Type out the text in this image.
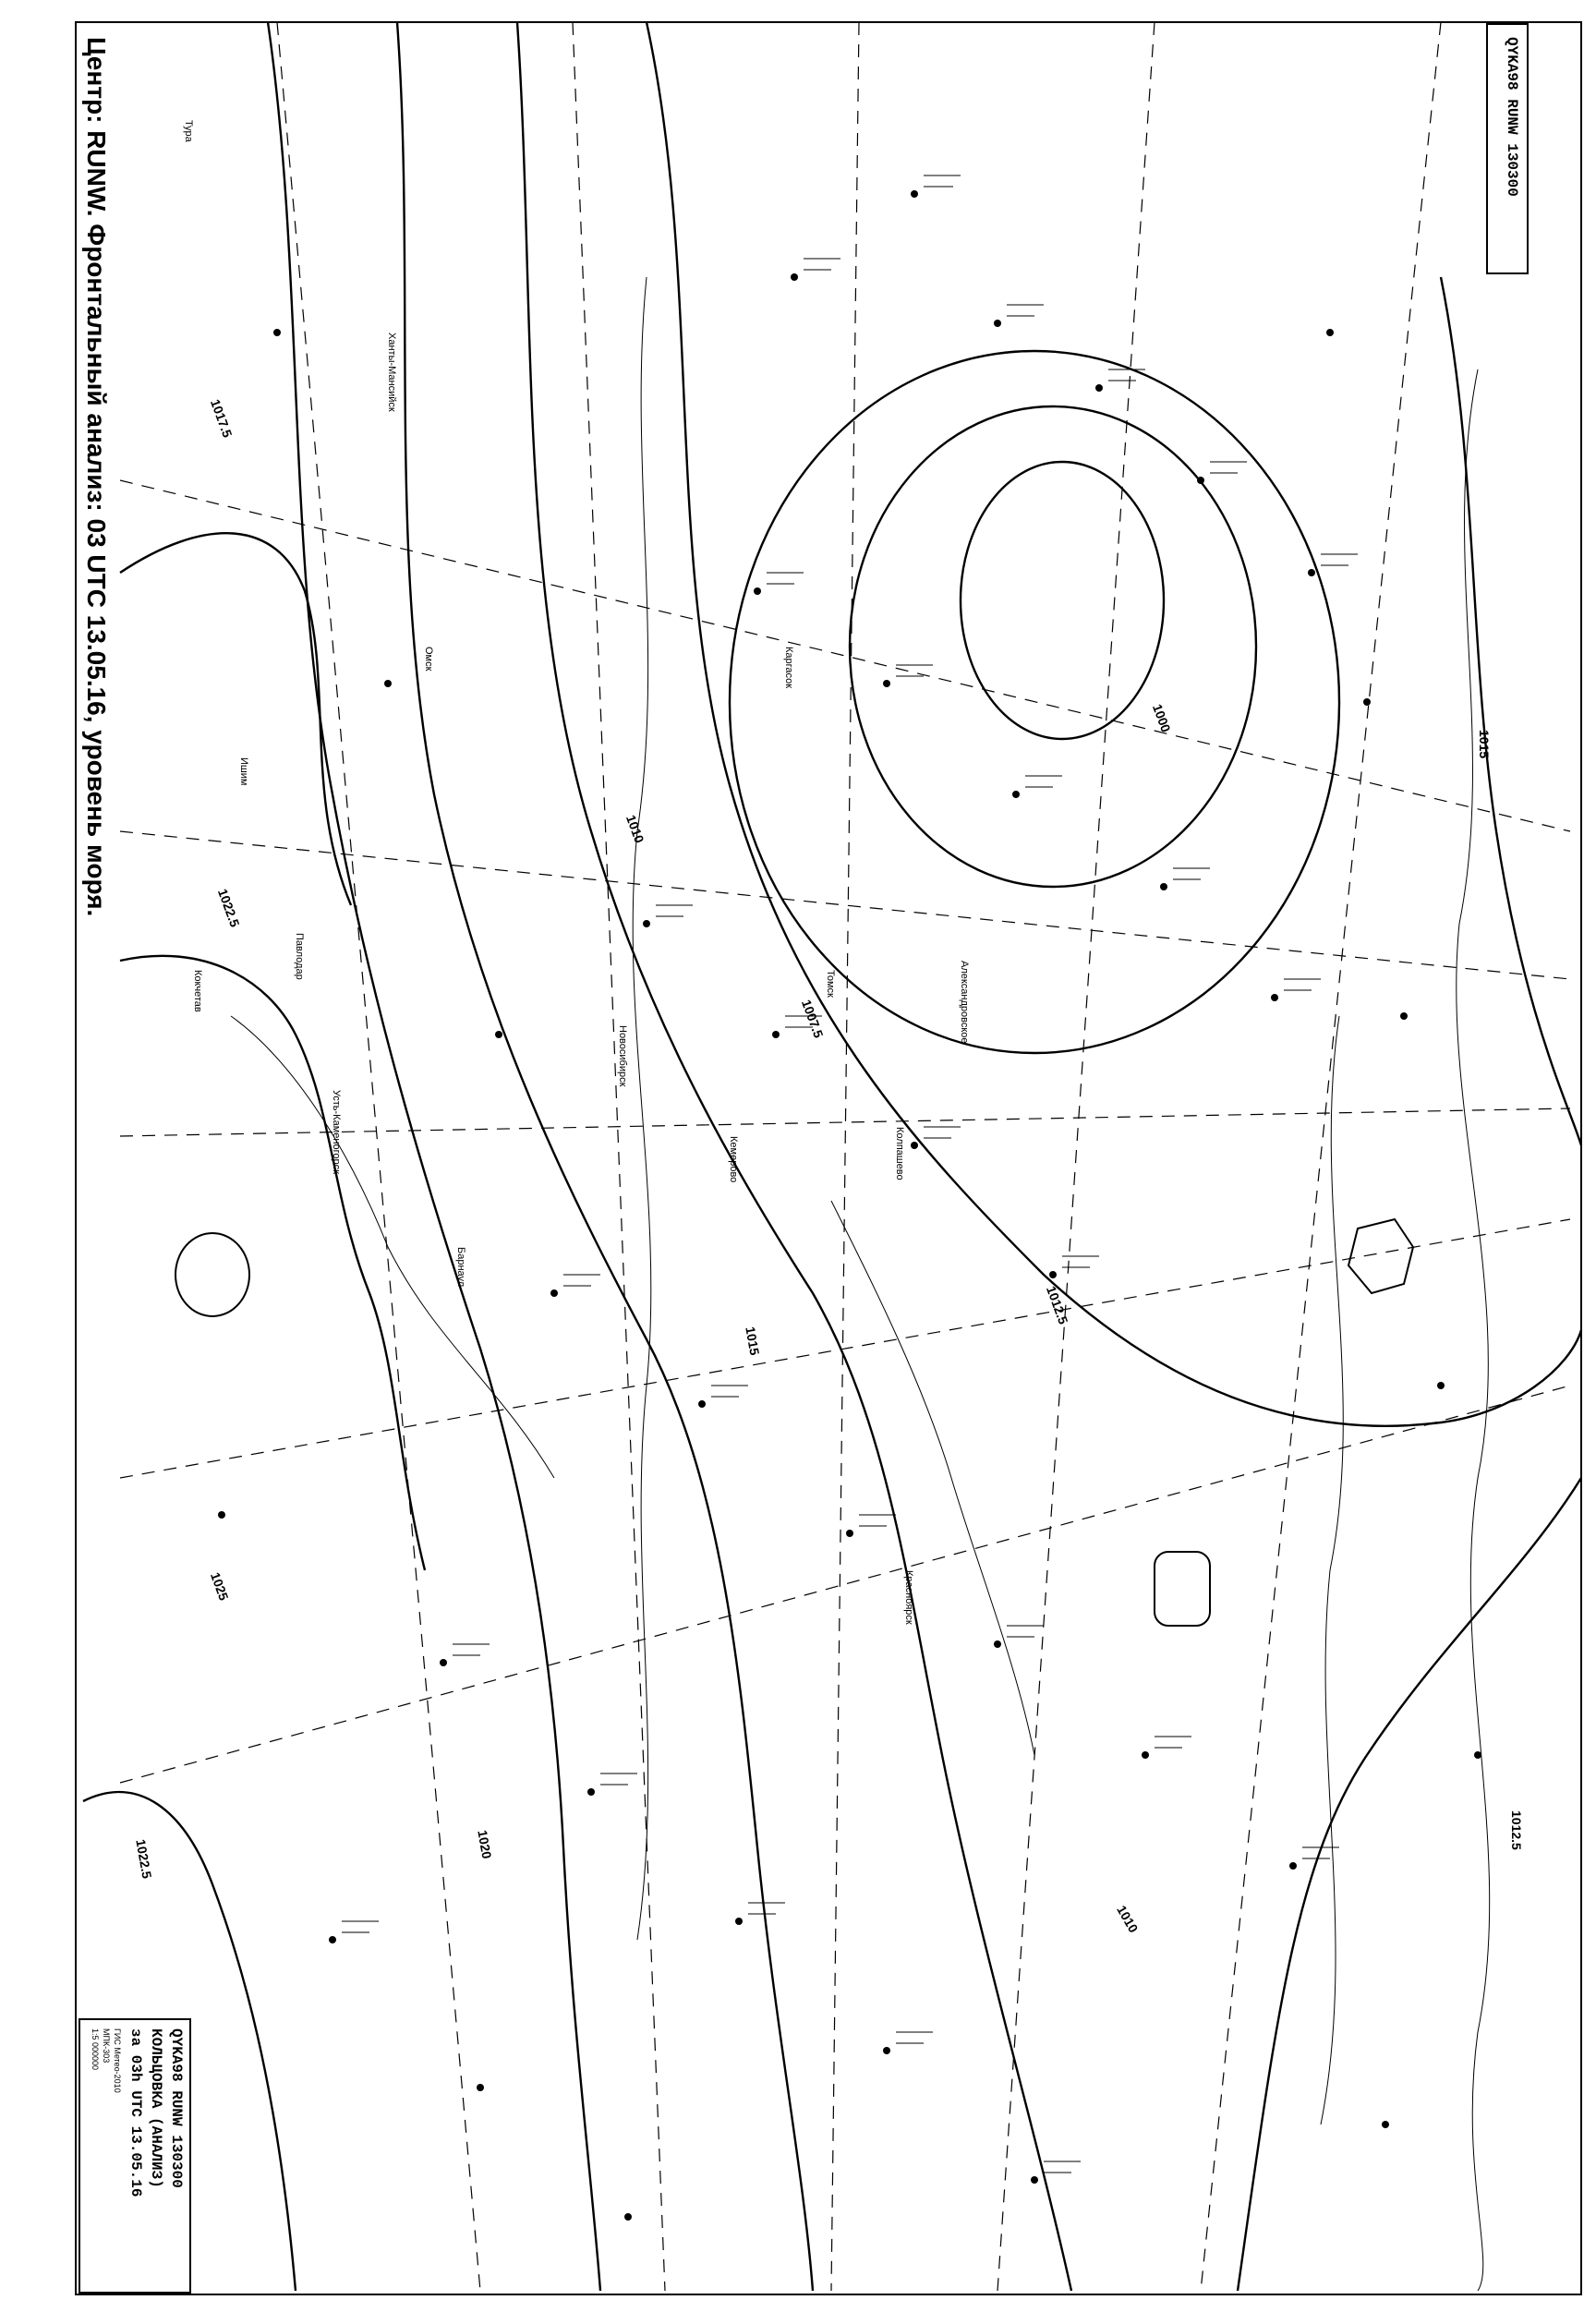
Центр: RUNW. Фронтальный анализ: 03 UTC 13.05.16, уровень моря.	QYKA98 RUNW 130300
QYKA98 RUNW 130300
КОЛЬЦОВКА (АНАЛИЗ)
за 03h UTC 13.05.16
ГИС Метео-2010
МПК-303
1:5 000000
1017.5
1022.5
1010
1007.5
1000
1015
1012.5
1020
1022.5
1010
1012.5
1015
1025
Тура
Ханты-Мансийск
Новосибирск
Барнаул
Кемерово
Томск
Омск
Красноярск
Усть-Каменогорск
Ишим
Кокчетав
Павлодар
Александровское
Колпашево
Каргасок
